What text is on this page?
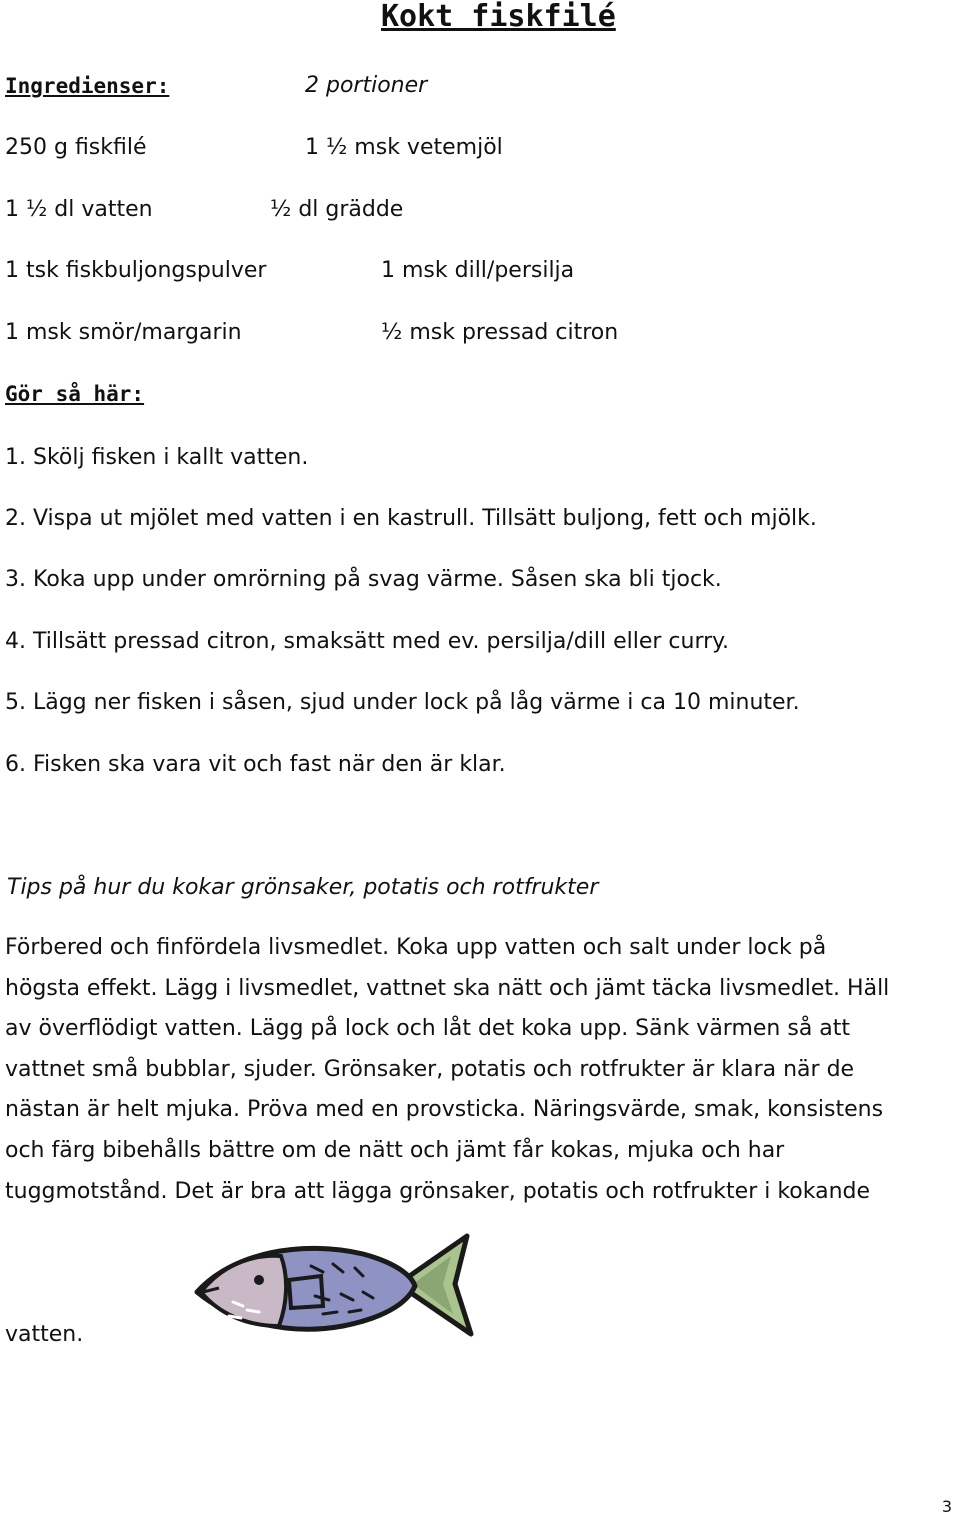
Kokt fiskfilé
Ingredienser:	2 portioner
250 g fiskfilé	1 ½ msk vetemjöl
1 ½ dl vatten	½ dl grädde
1 tsk fiskbuljongspulver	1 msk dill/persilja
1 msk smör/margarin	½ msk pressad citron
Gör så här:
1. Skölj fisken i kallt vatten.
2. Vispa ut mjölet med vatten i en kastrull. Tillsätt buljong, fett och mjölk.
3. Koka upp under omrörning på svag värme. Såsen ska bli tjock.
4. Tillsätt pressad citron, smaksätt med ev. persilja/dill eller curry.
5. Lägg ner fisken i såsen, sjud under lock på låg värme i ca 10 minuter.
6. Fisken ska vara vit och fast när den är klar.
Tips på hur du kokar grönsaker, potatis och rotfrukter
Förbered och finfördela livsmedlet. Koka upp vatten och salt under lock på
högsta effekt. Lägg i livsmedlet, vattnet ska nätt och jämt täcka livsmedlet. Häll
av överflödigt vatten. Lägg på lock och låt det koka upp. Sänk värmen så att
vattnet små bubblar, sjuder. Grönsaker, potatis och rotfrukter är klara när de
nästan är helt mjuka. Pröva med en provsticka. Näringsvärde, smak, konsistens
och färg bibehålls bättre om de nätt och jämt får kokas, mjuka och har
tuggmotstånd. Det är bra att lägga grönsaker, potatis och rotfrukter i kokande
vatten.
3
